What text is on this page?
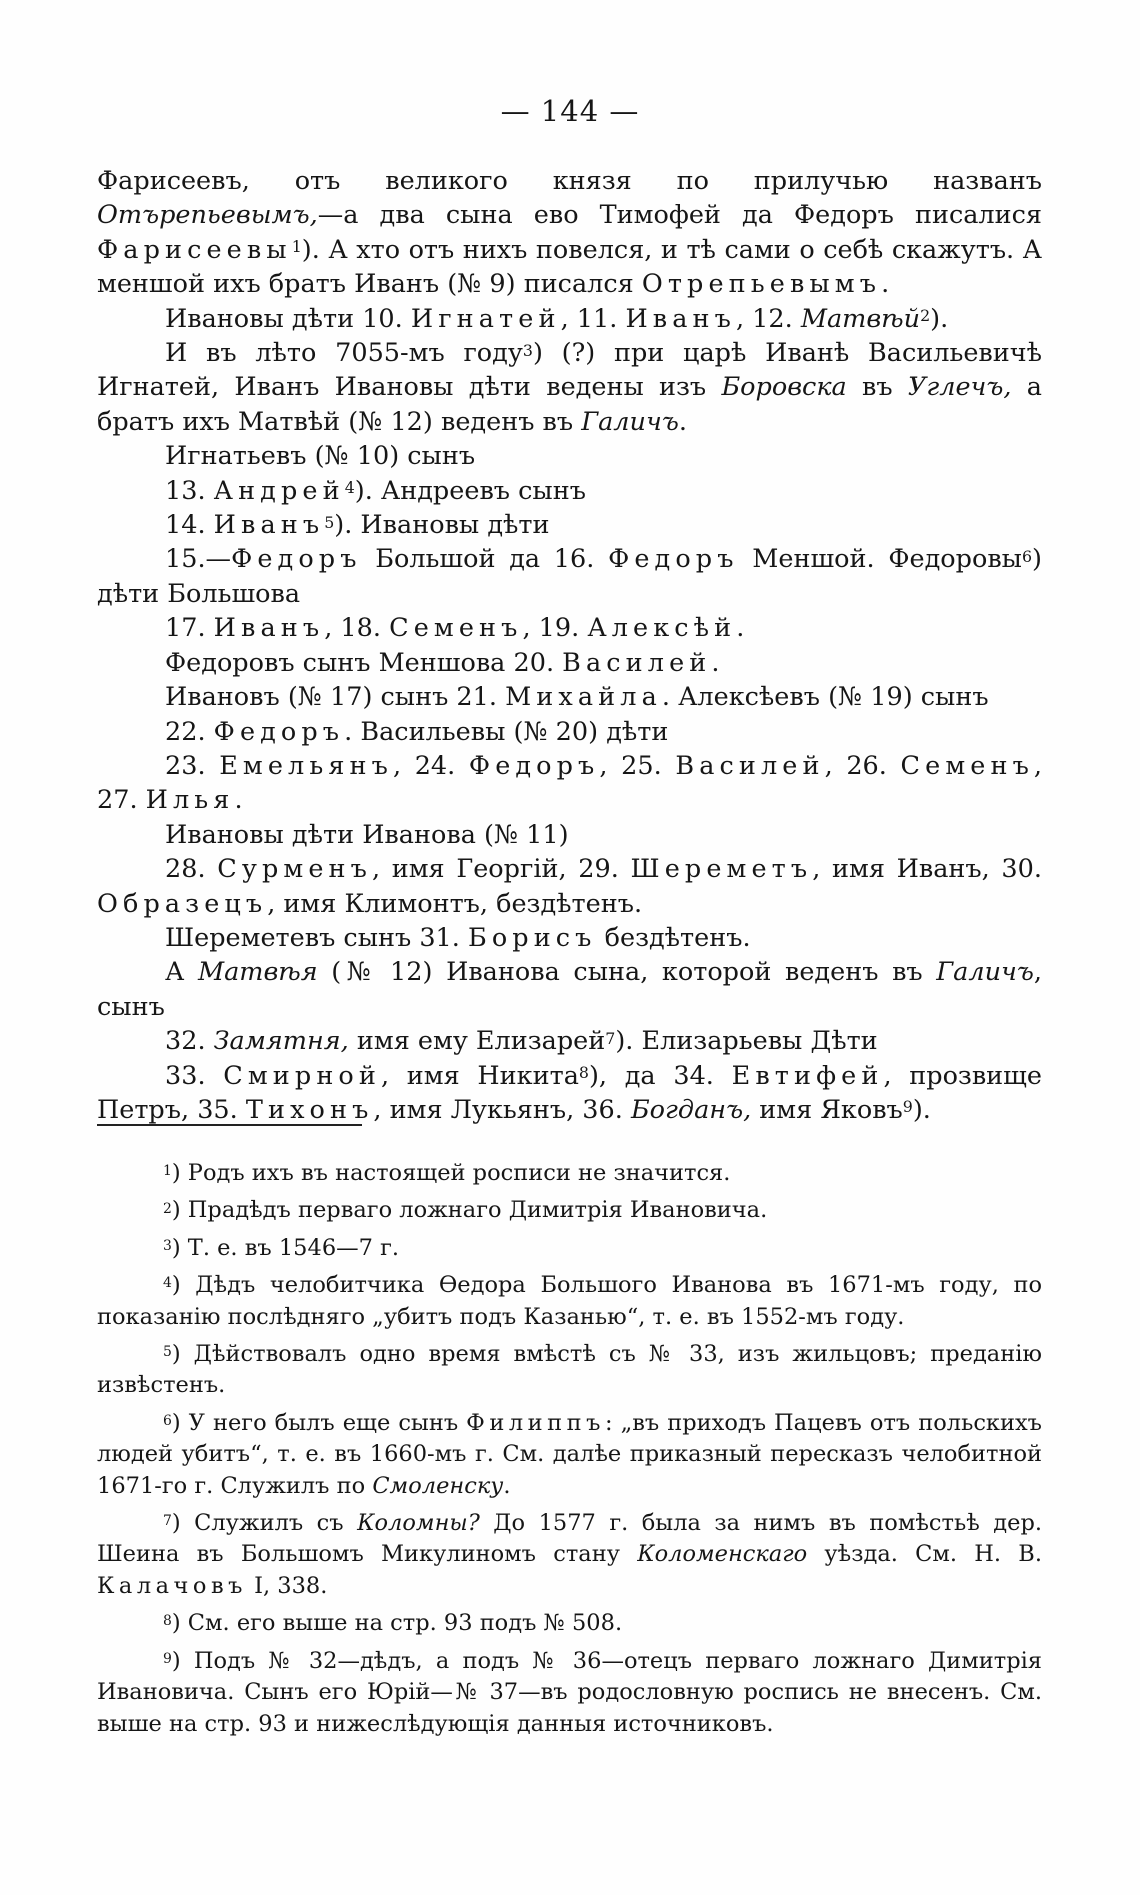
— 144 —

Фарисеевъ, отъ великого князя по прилучью названъ Отърепьевымъ,—а два сына ево Тимофей да Федоръ писалися Фарисеевы$^1$). А хто отъ нихъ повелся, и тѣ сами о себѣ скажутъ. А меншой ихъ братъ Иванъ (№ 9) писался Отрепьевымъ.

Ивановы дѣти 10. Игнатей, 11. Иванъ, 12. Матвѣй$^2$).

И въ лѣто 7055-мъ году$^3$) (?) при царѣ Иванѣ Васильевичѣ Игнатей, Иванъ Ивановы дѣти ведены изъ Боровска въ Углечъ, а братъ ихъ Матвѣй (№ 12) веденъ въ Галичъ.

Игнатьевъ (№ 10) сынъ

13. Андрей$^4$). Андреевъ сынъ

14. Иванъ$^5$). Ивановы дѣти

15.—Федоръ Большой да 16. Федоръ Меншой. Федоровы$^6$) дѣти Большова

17. Иванъ, 18. Семенъ, 19. Алексѣй.

Федоровъ сынъ Меншова 20. Василей.

Ивановъ (№ 17) сынъ 21. Михайла. Алексѣевъ (№ 19) сынъ

22. Федоръ. Васильевы (№ 20) дѣти

23. Емельянъ, 24. Федоръ, 25. Василей, 26. Семенъ, 27. Илья.

Ивановы дѣти Иванова (№ 11)

28. Сурменъ, имя Георгій, 29. Шереметъ, имя Иванъ, 30. Образецъ, имя Климонтъ, бездѣтенъ.

Шереметевъ сынъ 31. Борисъ бездѣтенъ.

А Матвѣя (№ 12) Иванова сына, которой веденъ въ Галичъ, сынъ

32. Замятня, имя ему Елизарей$^7$). Елизарьевы Дѣти

33. Смирной, имя Никита$^8$), да 34. Евтифей, прозвище Петръ, 35. Тихонъ, имя Лукьянъ, 36. Богданъ, имя Яковъ$^9$).

$^1$) Родъ ихъ въ настоящей росписи не значится.

$^2$) Прадѣдъ перваго ложнаго Димитрія Ивановича.

$^3$) Т. е. въ 1546—7 г.

$^4$) Дѣдъ челобитчика Ѳедора Большого Иванова въ 1671-мъ году, по показанію послѣдняго „убитъ подъ Казанью“, т. е. въ 1552-мъ году.

$^5$) Дѣйствовалъ одно время вмѣстѣ съ № 33, изъ жильцовъ; преданію извѣстенъ.

$^6$) У него былъ еще сынъ Филиппъ: „въ приходъ Пацевъ отъ польскихъ людей убитъ“, т. е. въ 1660-мъ г. См. далѣе приказный пересказъ челобитной 1671-го г. Служилъ по Смоленску.

$^7$) Служилъ съ Коломны? До 1577 г. была за нимъ въ помѣстьѣ дер. Шеина въ Большомъ Микулиномъ стану Коломенскаго уѣзда. См. Н. В. Калачовъ I, 338.

$^8$) См. его выше на стр. 93 подъ № 508.

$^9$) Подъ № 32—дѣдъ, а подъ № 36—отецъ перваго ложнаго Димитрія Ивановича. Сынъ его Юрій—№ 37—въ родословную роспись не внесенъ. См. выше на стр. 93 и нижеслѣдующія данныя источниковъ.
